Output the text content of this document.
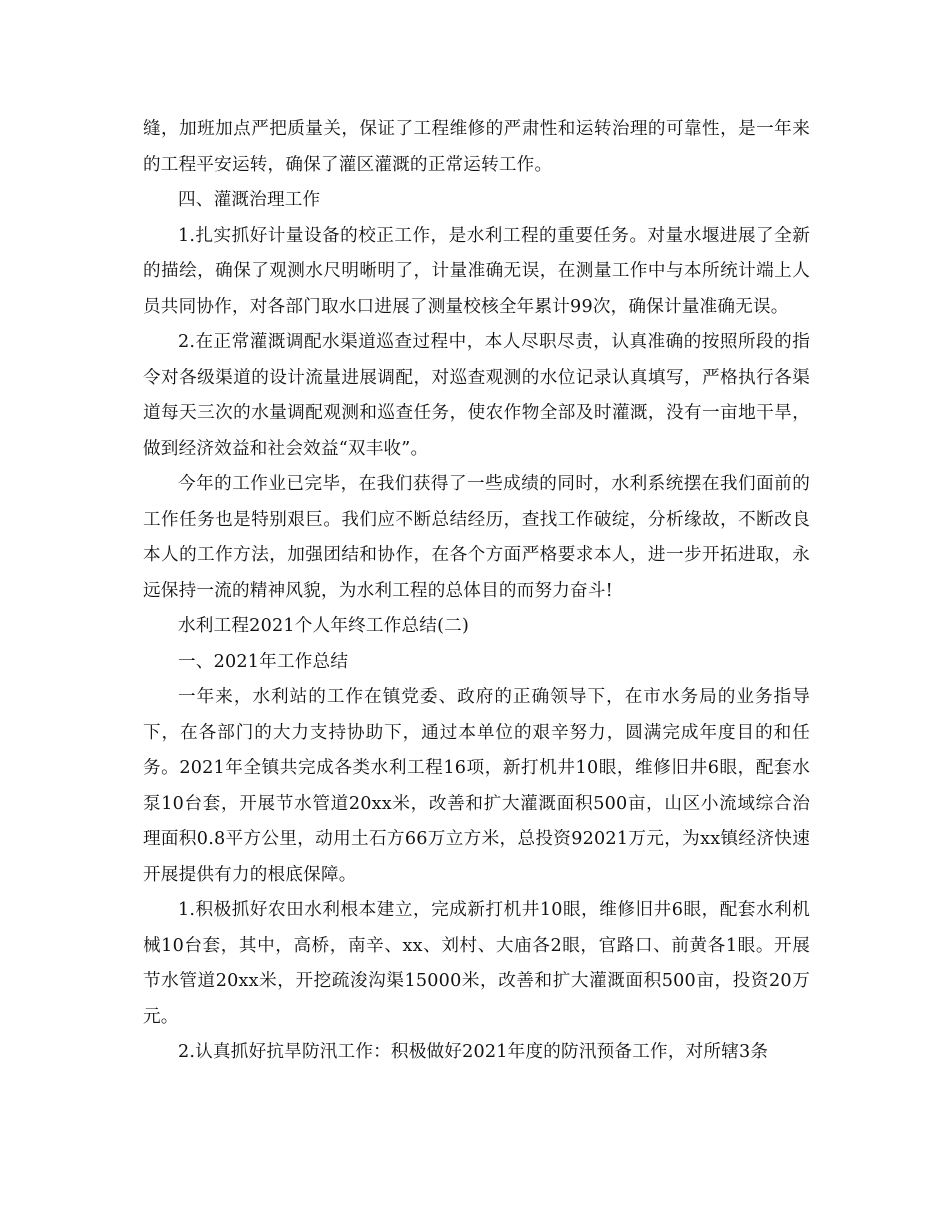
缝，加班加点严把质量关，保证了工程维修的严肃性和运转治理的可靠性，是一年来的工程平安运转，确保了灌区灌溉的正常运转工作。

四、灌溉治理工作

1.扎实抓好计量设备的校正工作，是水利工程的重要任务。对量水堰进展了全新的描绘，确保了观测水尺明晰明了，计量准确无误，在测量工作中与本所统计端上人员共同协作，对各部门取水口进展了测量校核全年累计99次，确保计量准确无误。

2.在正常灌溉调配水渠道巡查过程中，本人尽职尽责，认真准确的按照所段的指令对各级渠道的设计流量进展调配，对巡查观测的水位记录认真填写，严格执行各渠道每天三次的水量调配观测和巡查任务，使农作物全部及时灌溉，没有一亩地干旱，做到经济效益和社会效益“双丰收”。

今年的工作业已完毕，在我们获得了一些成绩的同时，水利系统摆在我们面前的工作任务也是特别艰巨。我们应不断总结经历，查找工作破绽，分析缘故，不断改良本人的工作方法，加强团结和协作，在各个方面严格要求本人，进一步开拓进取，永远保持一流的精神风貌，为水利工程的总体目的而努力奋斗!

水利工程2021个人年终工作总结(二)

一、2021年工作总结

一年来，水利站的工作在镇党委、政府的正确领导下，在市水务局的业务指导下，在各部门的大力支持协助下，通过本单位的艰辛努力，圆满完成年度目的和任务。2021年全镇共完成各类水利工程16项，新打机井10眼，维修旧井6眼，配套水泵10台套，开展节水管道20xx米，改善和扩大灌溉面积500亩，山区小流域综合治理面积0.8平方公里，动用土石方66万立方米，总投资92021万元，为xx镇经济快速开展提供有力的根底保障。

1.积极抓好农田水利根本建立，完成新打机井10眼，维修旧井6眼，配套水利机械10台套，其中，高桥，南辛、xx、刘村、大庙各2眼，官路口、前黄各1眼。开展节水管道20xx米，开挖疏浚沟渠15000米，改善和扩大灌溉面积500亩，投资20万元。

2.认真抓好抗旱防汛工作：积极做好2021年度的防汛预备工作，对所辖3条
